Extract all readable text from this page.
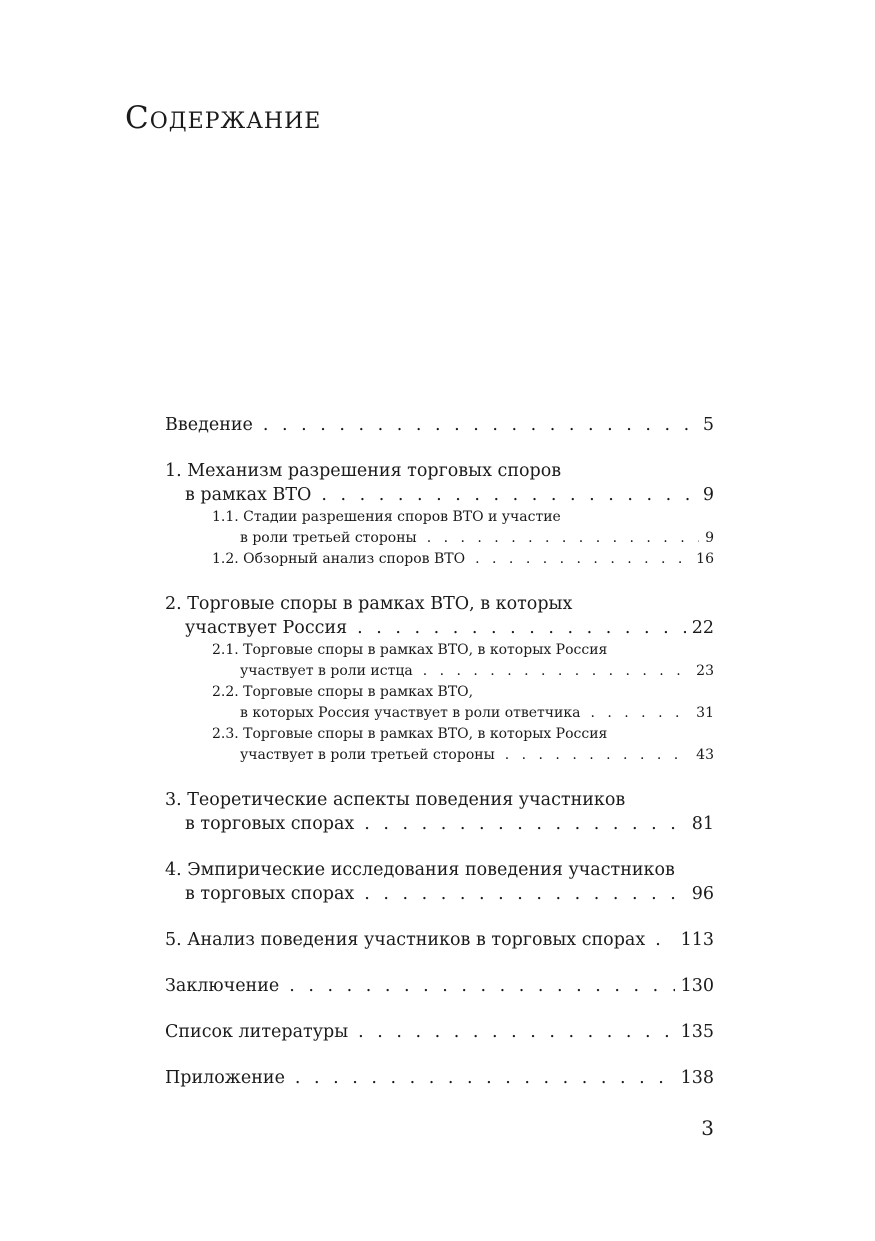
Содержание
Введение . . .	5
1. Механизм разрешения торговых споров
в рамках ВТО . . .	9
1.1. Стадии разрешения споров ВТО и участие
в роли третьей стороны . . .	9
1.2. Обзорный анализ споров ВТО . . .	16
2. Торговые споры в рамках ВТО, в которых
участвует Россия . . .	22
2.1. Торговые споры в рамках ВТО, в которых Россия
участвует в роли истца . . .	23
2.2. Торговые споры в рамках ВТО,
в которых Россия участвует в роли ответчика . . .	31
2.3. Торговые споры в рамках ВТО, в которых Россия
участвует в роли третьей стороны . . .	43
3. Теоретические аспекты поведения участников
в торговых спорах . . .	81
4. Эмпирические исследования поведения участников
в торговых спорах . . .	96
5. Анализ поведения участников в торговых спорах . . . 113
Заключение . . .	130
Список литературы . . .	135
Приложение . . .	138
3
